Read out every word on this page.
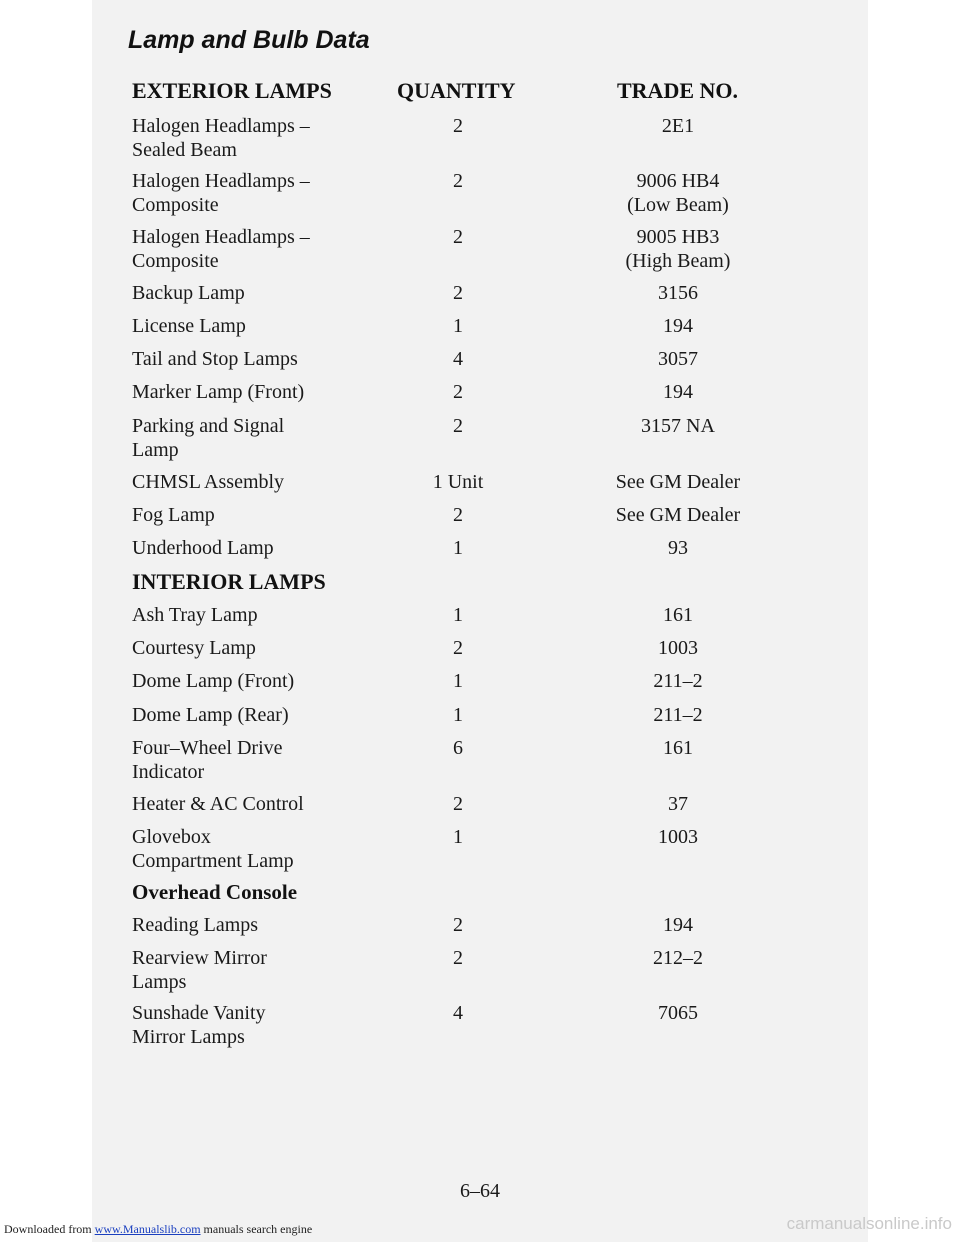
Lamp and Bulb Data
EXTERIOR LAMPS	QUANTITY	TRADE NO.
Halogen Headlamps –
Sealed Beam
2	2E1
Halogen Headlamps –
Composite
2	9006 HB4
(Low Beam)
Halogen Headlamps –
Composite
2	9005 HB3
(High Beam)
Backup Lamp	2	3156
License Lamp	1	194
Tail and Stop Lamps	4	3057
Marker Lamp (Front)	2	194
Parking and Signal
Lamp
2	3157 NA
CHMSL Assembly	1 Unit	See GM Dealer
Fog Lamp	2	See GM Dealer
Underhood Lamp	1	93
INTERIOR LAMPS
Ash Tray Lamp	1	161
Courtesy Lamp	2	1003
Dome Lamp (Front)	1	211–2
Dome Lamp (Rear)	1	211–2
Four–Wheel Drive
Indicator
6	161
Heater & AC Control	2	37
Glovebox
Compartment Lamp
1	1003
Overhead Console
Reading Lamps	2	194
Rearview Mirror
Lamps
2	212–2
Sunshade Vanity
Mirror Lamps
4	7065
6–64
Downloaded from www.Manualslib.com manuals search engine	carmanualsonline.info
